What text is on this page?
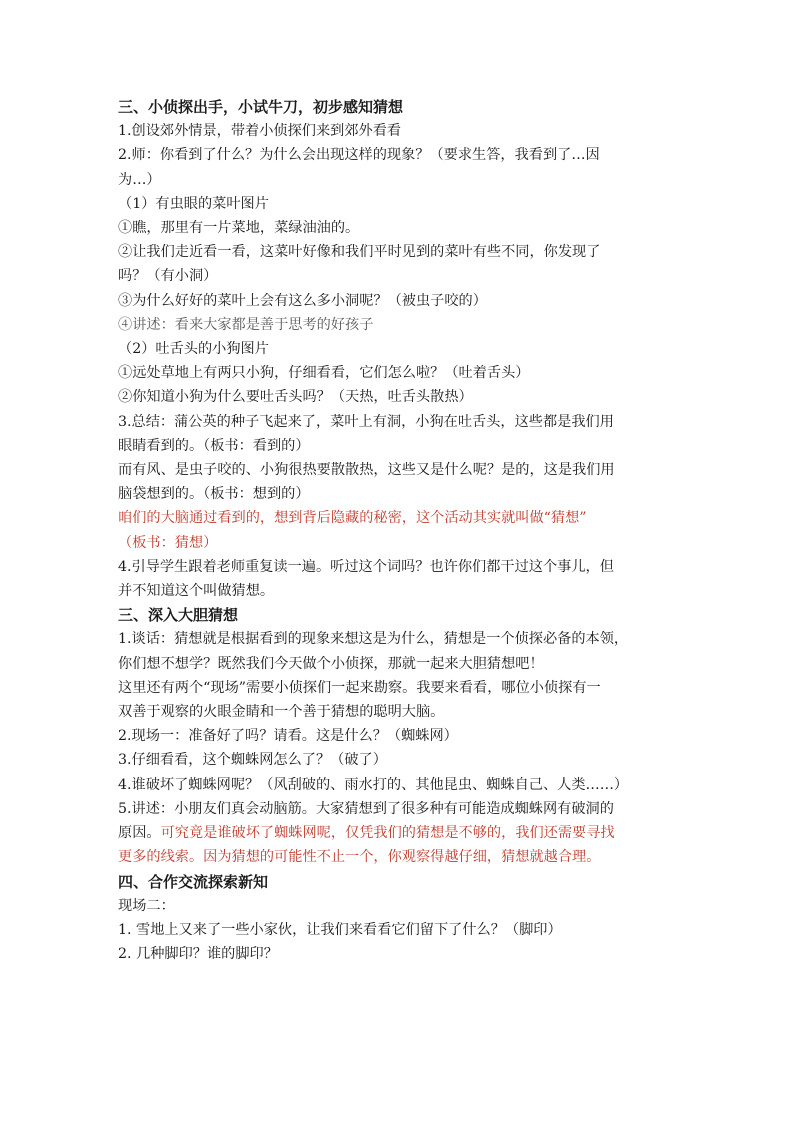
三、小侦探出手，小试牛刀，初步感知猜想
1.创设郊外情景，带着小侦探们来到郊外看看
2.师：你看到了什么？为什么会出现这样的现象？（要求生答，我看到了…因
为…）
（1）有虫眼的菜叶图片
①瞧，那里有一片菜地，菜绿油油的。
②让我们走近看一看，这菜叶好像和我们平时见到的菜叶有些不同，你发现了
吗？（有小洞）
③为什么好好的菜叶上会有这么多小洞呢？（被虫子咬的）
④讲述：看来大家都是善于思考的好孩子
（2）吐舌头的小狗图片
①远处草地上有两只小狗，仔细看看，它们怎么啦？（吐着舌头）
②你知道小狗为什么要吐舌头吗？（天热，吐舌头散热）
3.总结：蒲公英的种子飞起来了，菜叶上有洞，小狗在吐舌头，这些都是我们用
眼睛看到的。（板书：看到的）
而有风、是虫子咬的、小狗很热要散散热，这些又是什么呢？是的，这是我们用
脑袋想到的。（板书：想到的）
咱们的大脑通过看到的，想到背后隐藏的秘密，这个活动其实就叫做“猜想”
（板书：猜想）
4.引导学生跟着老师重复读一遍。听过这个词吗？也许你们都干过这个事儿，但
并不知道这个叫做猜想。
三、深入大胆猜想
1.谈话：猜想就是根据看到的现象来想这是为什么，猜想是一个侦探必备的本领，
你们想不想学？既然我们今天做个小侦探，那就一起来大胆猜想吧！
这里还有两个“现场”需要小侦探们一起来勘察。我要来看看，哪位小侦探有一
双善于观察的火眼金睛和一个善于猜想的聪明大脑。
2.现场一：准备好了吗？请看。这是什么？（蜘蛛网）
3.仔细看看，这个蜘蛛网怎么了？（破了）
4.谁破坏了蜘蛛网呢？（风刮破的、雨水打的、其他昆虫、蜘蛛自己、人类……）
5.讲述：小朋友们真会动脑筋。大家猜想到了很多种有可能造成蜘蛛网有破洞的
原因。可究竟是谁破坏了蜘蛛网呢，仅凭我们的猜想是不够的，我们还需要寻找
更多的线索。因为猜想的可能性不止一个，你观察得越仔细，猜想就越合理。
四、合作交流探索新知
现场二：
1. 雪地上又来了一些小家伙，让我们来看看它们留下了什么？（脚印）
2. 几种脚印？谁的脚印？
